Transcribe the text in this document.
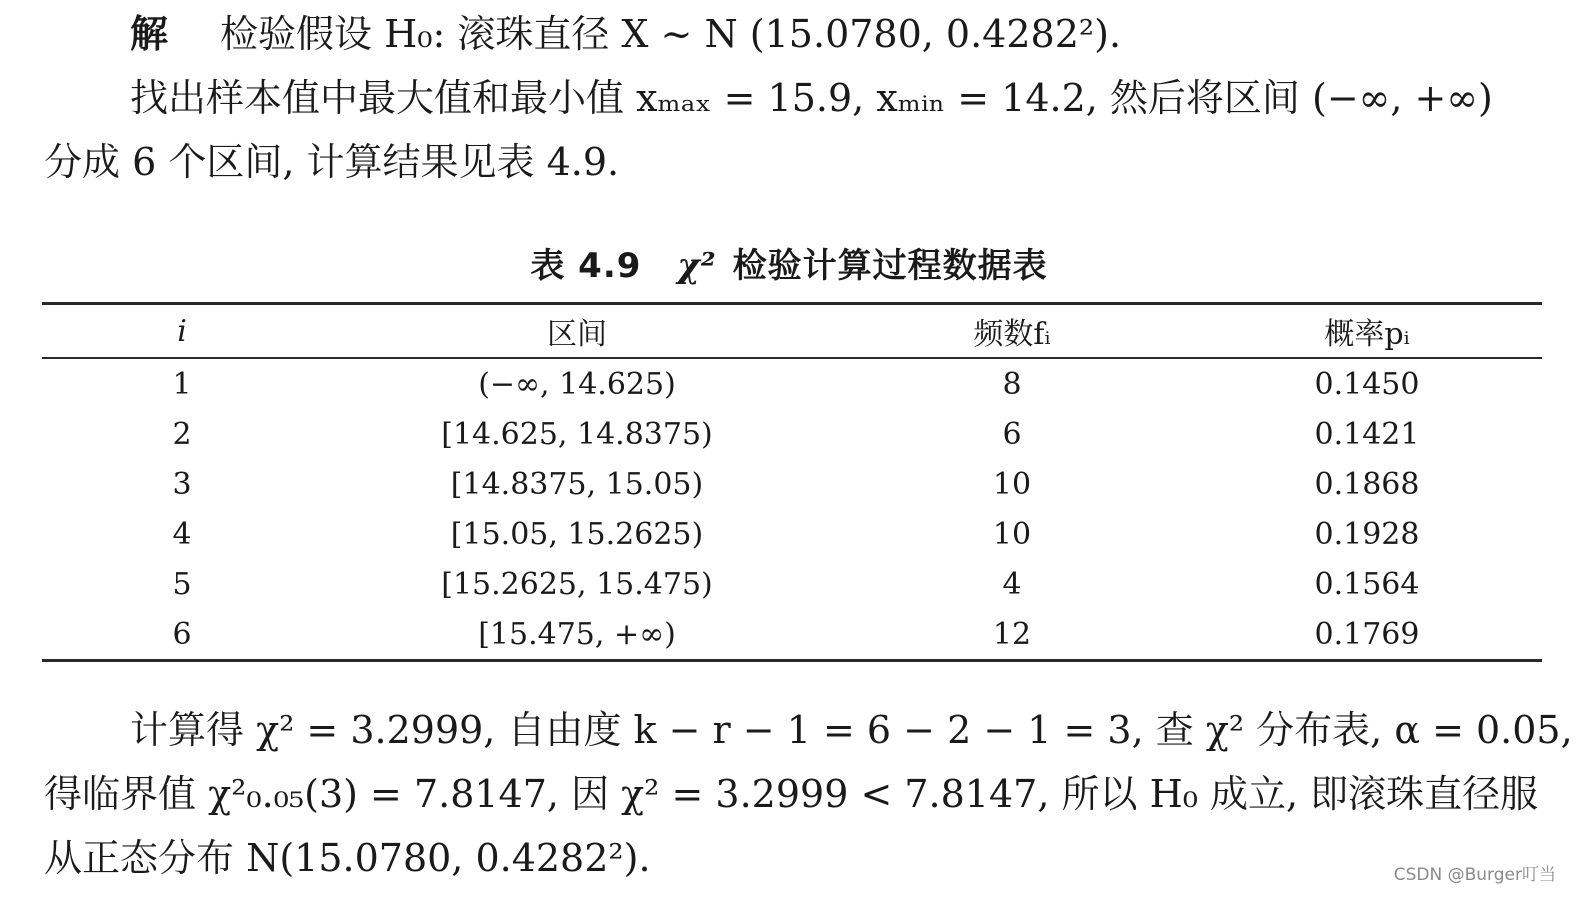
解 检验假设 H₀: 滚珠直径 X ~ N (15.0780, 0.4282²).
找出样本值中最大值和最小值 xₘₐₓ = 15.9, xₘᵢₙ = 14.2, 然后将区间 (−∞, +∞)
分成 6 个区间, 计算结果见表 4.9.
表 4.9 χ² 检验计算过程数据表
i	区间	频数fᵢ	概率pᵢ
1	(−∞, 14.625)	8	0.1450
2	[14.625, 14.8375)	6	0.1421
3	[14.8375, 15.05)	10	0.1868
4	[15.05, 15.2625)	10	0.1928
5	[15.2625, 15.475)	4	0.1564
6	[15.475, +∞)	12	0.1769
计算得 χ² = 3.2999, 自由度 k − r − 1 = 6 − 2 − 1 = 3, 查 χ² 分布表, α = 0.05,
得临界值 χ²₀.₀₅(3) = 7.8147, 因 χ² = 3.2999 < 7.8147, 所以 H₀ 成立, 即滚珠直径服
从正态分布 N(15.0780, 0.4282²).	CSDN @Burger叮当
